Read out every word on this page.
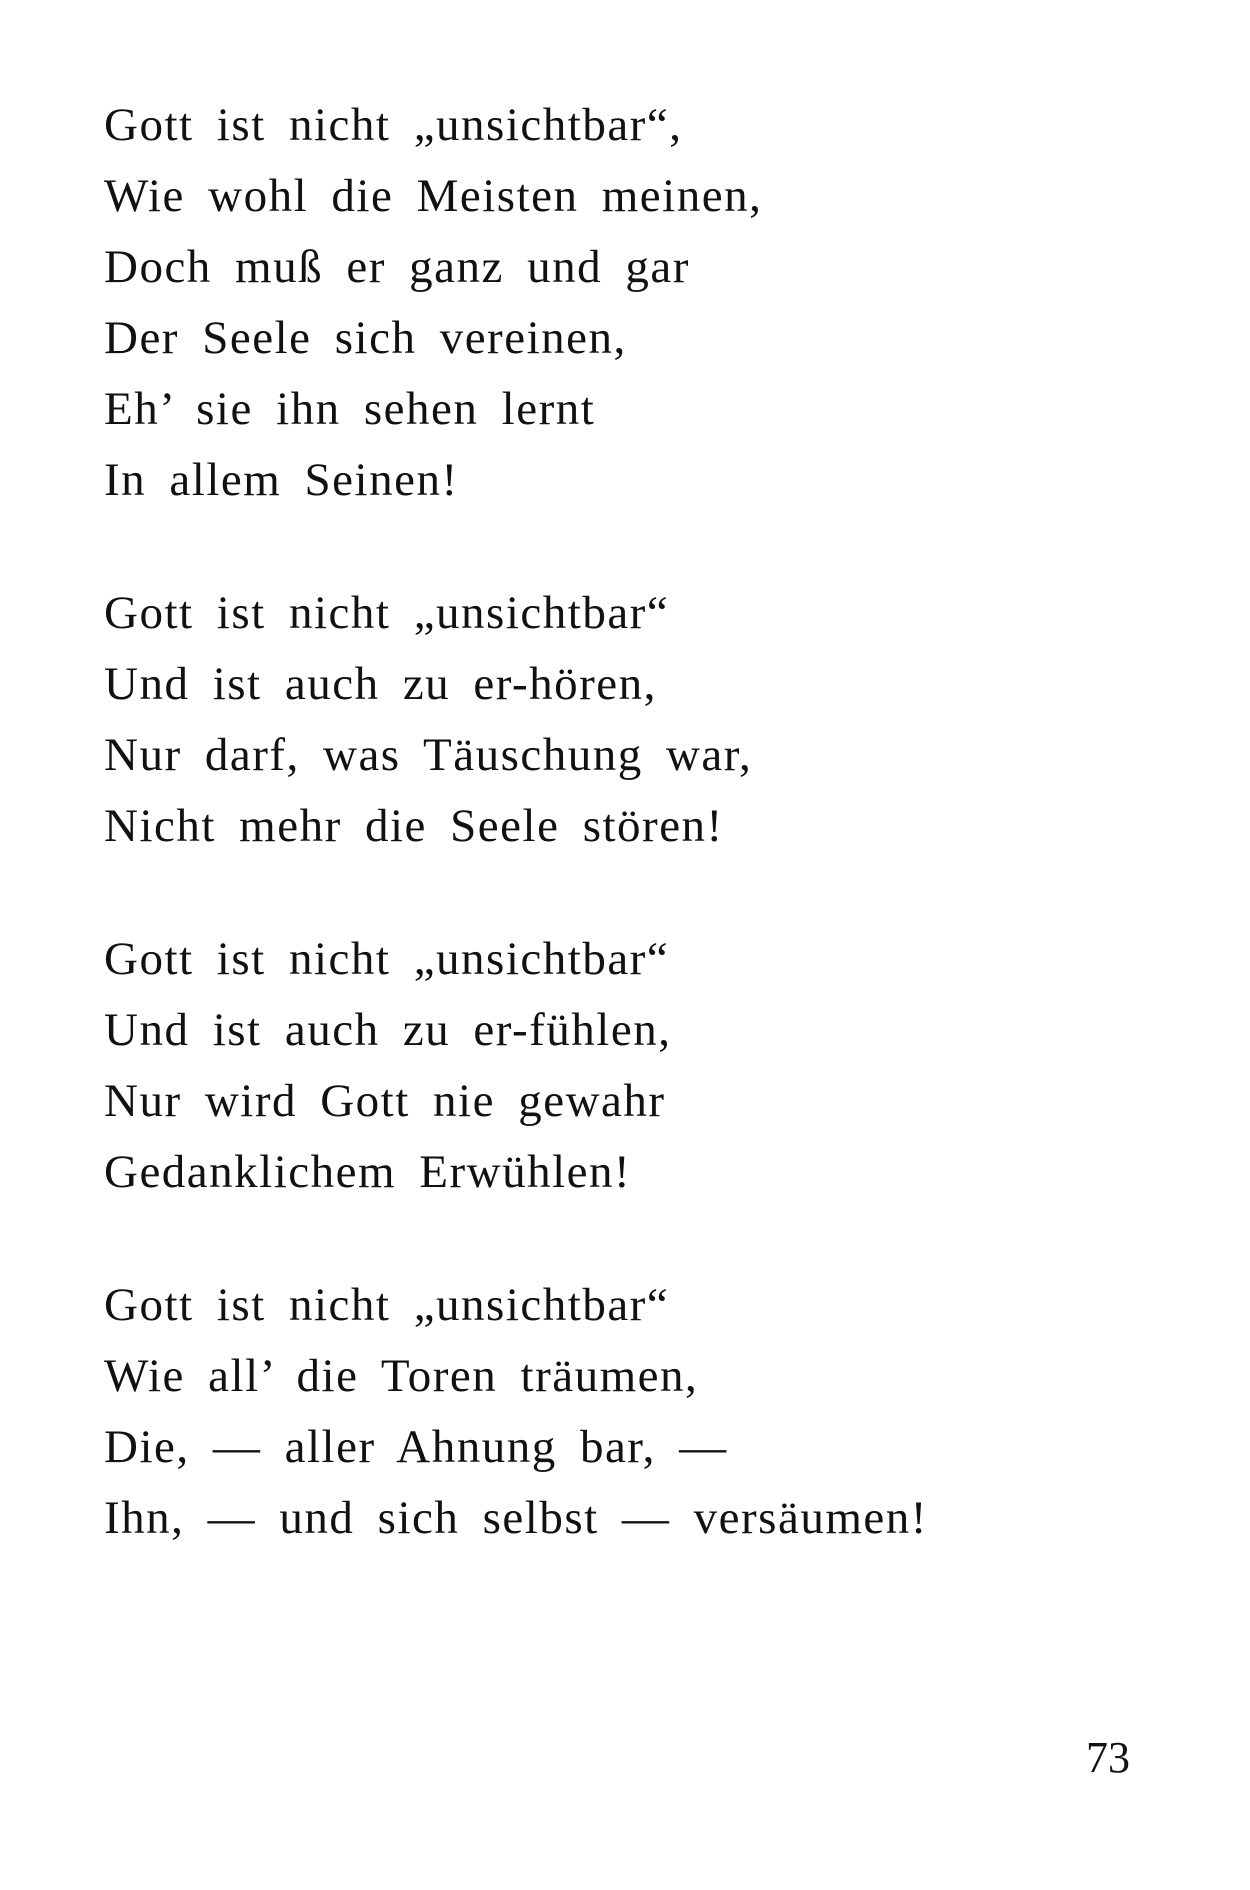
Gott ist nicht „unsichtbar“,
Wie wohl die Meisten meinen,
Doch muß er ganz und gar
Der Seele sich vereinen,
Eh’ sie ihn sehen lernt
In allem Seinen!
Gott ist nicht „unsichtbar“
Und ist auch zu er-hören,
Nur darf, was Täuschung war,
Nicht mehr die Seele stören!
Gott ist nicht „unsichtbar“
Und ist auch zu er-fühlen,
Nur wird Gott nie gewahr
Gedanklichem Erwühlen!
Gott ist nicht „unsichtbar“
Wie all’ die Toren träumen,
Die, — aller Ahnung bar, —
Ihn, — und sich selbst — versäumen!
73
